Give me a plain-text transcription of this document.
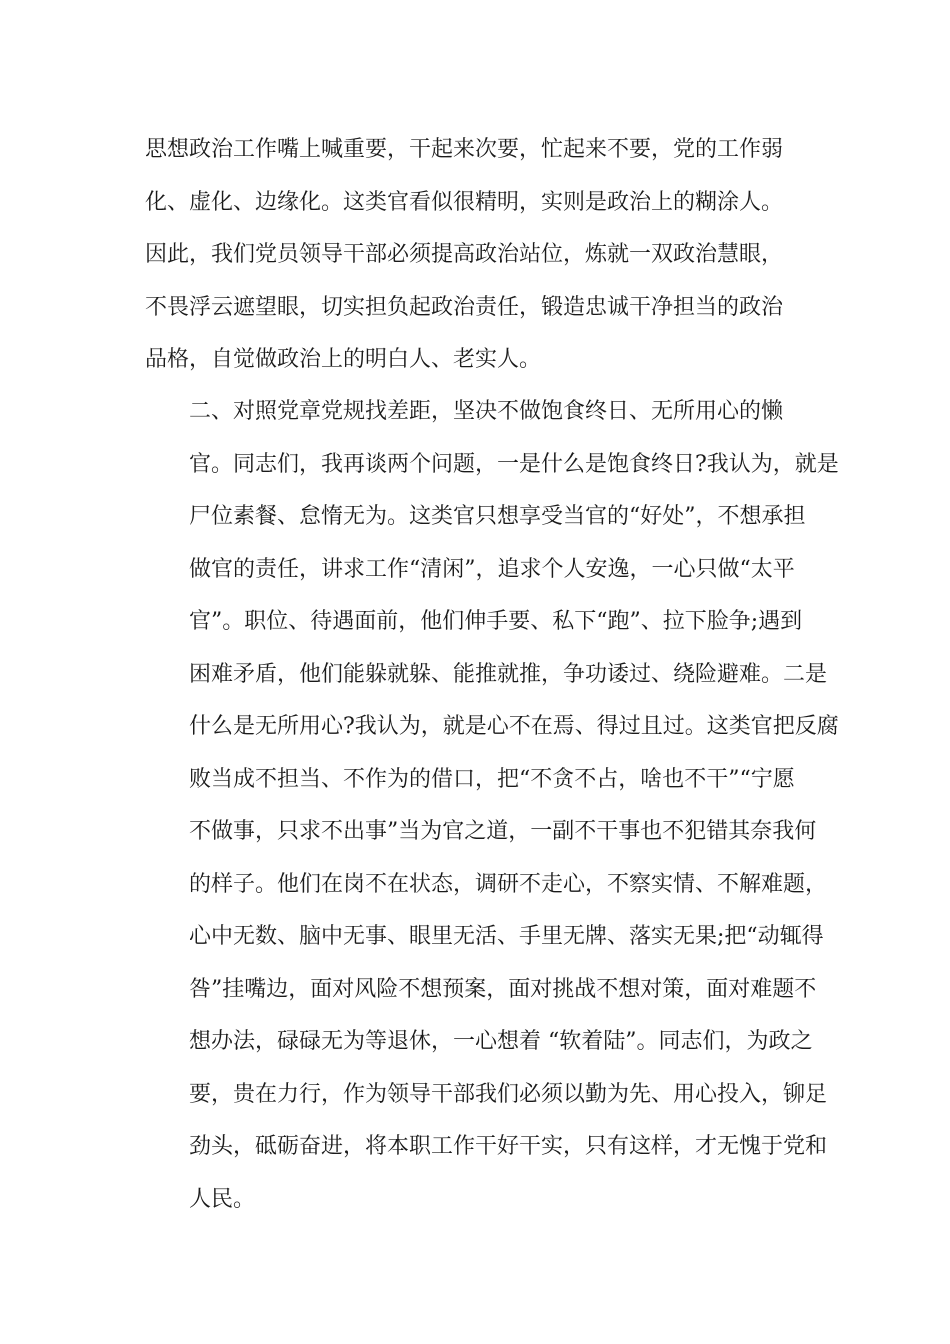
思想政治工作嘴上喊重要，干起来次要，忙起来不要，党的工作弱
化、虚化、边缘化。这类官看似很精明，实则是政治上的糊涂人。
因此，我们党员领导干部必须提高政治站位，炼就一双政治慧眼，
不畏浮云遮望眼，切实担负起政治责任，锻造忠诚干净担当的政治
品格，自觉做政治上的明白人、老实人。
二、对照党章党规找差距，坚决不做饱食终日、无所用心的懒
官。同志们，我再谈两个问题，一是什么是饱食终日?我认为，就是
尸位素餐、怠惰无为。这类官只想享受当官的“好处”，不想承担
做官的责任，讲求工作“清闲”，追求个人安逸，一心只做“太平
官”。职位、待遇面前，他们伸手要、私下“跑”、拉下脸争;遇到
困难矛盾，他们能躲就躲、能推就推，争功诿过、绕险避难。二是
什么是无所用心?我认为，就是心不在焉、得过且过。这类官把反腐
败当成不担当、不作为的借口，把“不贪不占，啥也不干”“宁愿
不做事，只求不出事”当为官之道，一副不干事也不犯错其奈我何
的样子。他们在岗不在状态，调研不走心，不察实情、不解难题，
心中无数、脑中无事、眼里无活、手里无牌、落实无果;把“动辄得
咎”挂嘴边，面对风险不想预案，面对挑战不想对策，面对难题不
想办法，碌碌无为等退休，一心想着 “软着陆”。同志们，为政之
要，贵在力行，作为领导干部我们必须以勤为先、用心投入，铆足
劲头，砥砺奋进，将本职工作干好干实，只有这样，才无愧于党和
人民。
